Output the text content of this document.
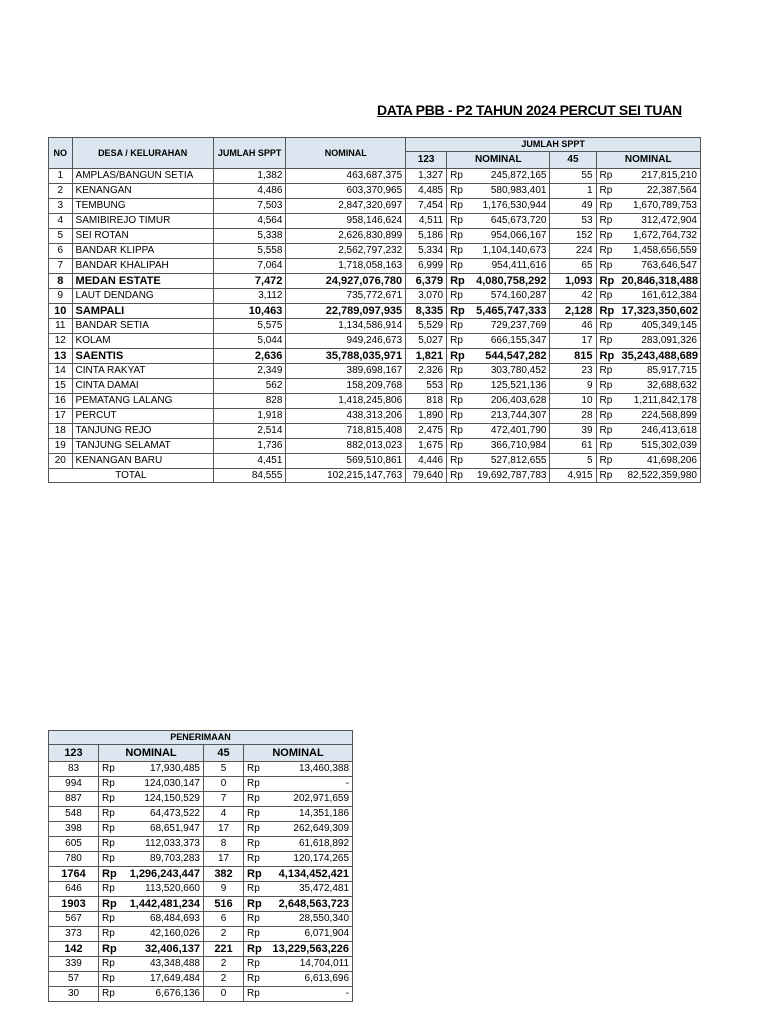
DATA PBB - P2 TAHUN 2024 PERCUT SEI TUAN
NO	DESA / KELURAHAN	JUMLAH SPPT	NOMINAL	JUMLAH SPPT					
				123	NOMINAL		45	NOMINAL	
1	AMPLAS/BANGUN SETIA	1,382	463,687,375	1,327	Rp	245,872,165	55	Rp	217,815,210
2	KENANGAN	4,486	603,370,965	4,485	Rp	580,983,401	1	Rp	22,387,564
3	TEMBUNG	7,503	2,847,320,697	7,454	Rp	1,176,530,944	49	Rp	1,670,789,753
4	SAMIBIREJO TIMUR	4,564	958,146,624	4,511	Rp	645,673,720	53	Rp	312,472,904
5	SEI ROTAN	5,338	2,626,830,899	5,186	Rp	954,066,167	152	Rp	1,672,764,732
6	BANDAR KLIPPA	5,558	2,562,797,232	5,334	Rp	1,104,140,673	224	Rp	1,458,656,559
7	BANDAR KHALIPAH	7,064	1,718,058,163	6,999	Rp	954,411,616	65	Rp	763,646,547
8	MEDAN ESTATE	7,472	24,927,076,780	6,379	Rp	4,080,758,292	1,093	Rp	20,846,318,488
9	LAUT DENDANG	3,112	735,772,671	3,070	Rp	574,160,287	42	Rp	161,612,384
10	SAMPALI	10,463	22,789,097,935	8,335	Rp	5,465,747,333	2,128	Rp	17,323,350,602
11	BANDAR SETIA	5,575	1,134,586,914	5,529	Rp	729,237,769	46	Rp	405,349,145
12	KOLAM	5,044	949,246,673	5,027	Rp	666,155,347	17	Rp	283,091,326
13	SAENTIS	2,636	35,788,035,971	1,821	Rp	544,547,282	815	Rp	35,243,488,689
14	CINTA RAKYAT	2,349	389,698,167	2,326	Rp	303,780,452	23	Rp	85,917,715
15	CINTA DAMAI	562	158,209,768	553	Rp	125,521,136	9	Rp	32,688,632
16	PEMATANG LALANG	828	1,418,245,806	818	Rp	206,403,628	10	Rp	1,211,842,178
17	PERCUT	1,918	438,313,206	1,890	Rp	213,744,307	28	Rp	224,568,899
18	TANJUNG REJO	2,514	718,815,408	2,475	Rp	472,401,790	39	Rp	246,413,618
19	TANJUNG SELAMAT	1,736	882,013,023	1,675	Rp	366,710,984	61	Rp	515,302,039
20	KENANGAN BARU	4,451	569,510,861	4,446	Rp	527,812,655	5	Rp	41,698,206
TOTAL		84,555	102,215,147,763	79,640	Rp	19,692,787,783	4,915	Rp	82,522,359,980
PENERIMAAN					
123	NOMINAL		45	NOMINAL	
83	Rp	17,930,485	5	Rp	13,460,388
994	Rp	124,030,147	0	Rp	-
887	Rp	124,150,529	7	Rp	202,971,659
548	Rp	64,473,522	4	Rp	14,351,186
398	Rp	68,651,947	17	Rp	262,649,309
605	Rp	112,033,373	8	Rp	61,618,892
780	Rp	89,703,283	17	Rp	120,174,265
1764	Rp	1,296,243,447	382	Rp	4,134,452,421
646	Rp	113,520,660	9	Rp	35,472,481
1903	Rp	1,442,481,234	516	Rp	2,648,563,723
567	Rp	68,484,693	6	Rp	28,550,340
373	Rp	42,160,026	2	Rp	6,071,904
142	Rp	32,406,137	221	Rp	13,229,563,226
339	Rp	43,348,488	2	Rp	14,704,011
57	Rp	17,649,484	2	Rp	6,613,696
30	Rp	6,676,136	0	Rp	-
